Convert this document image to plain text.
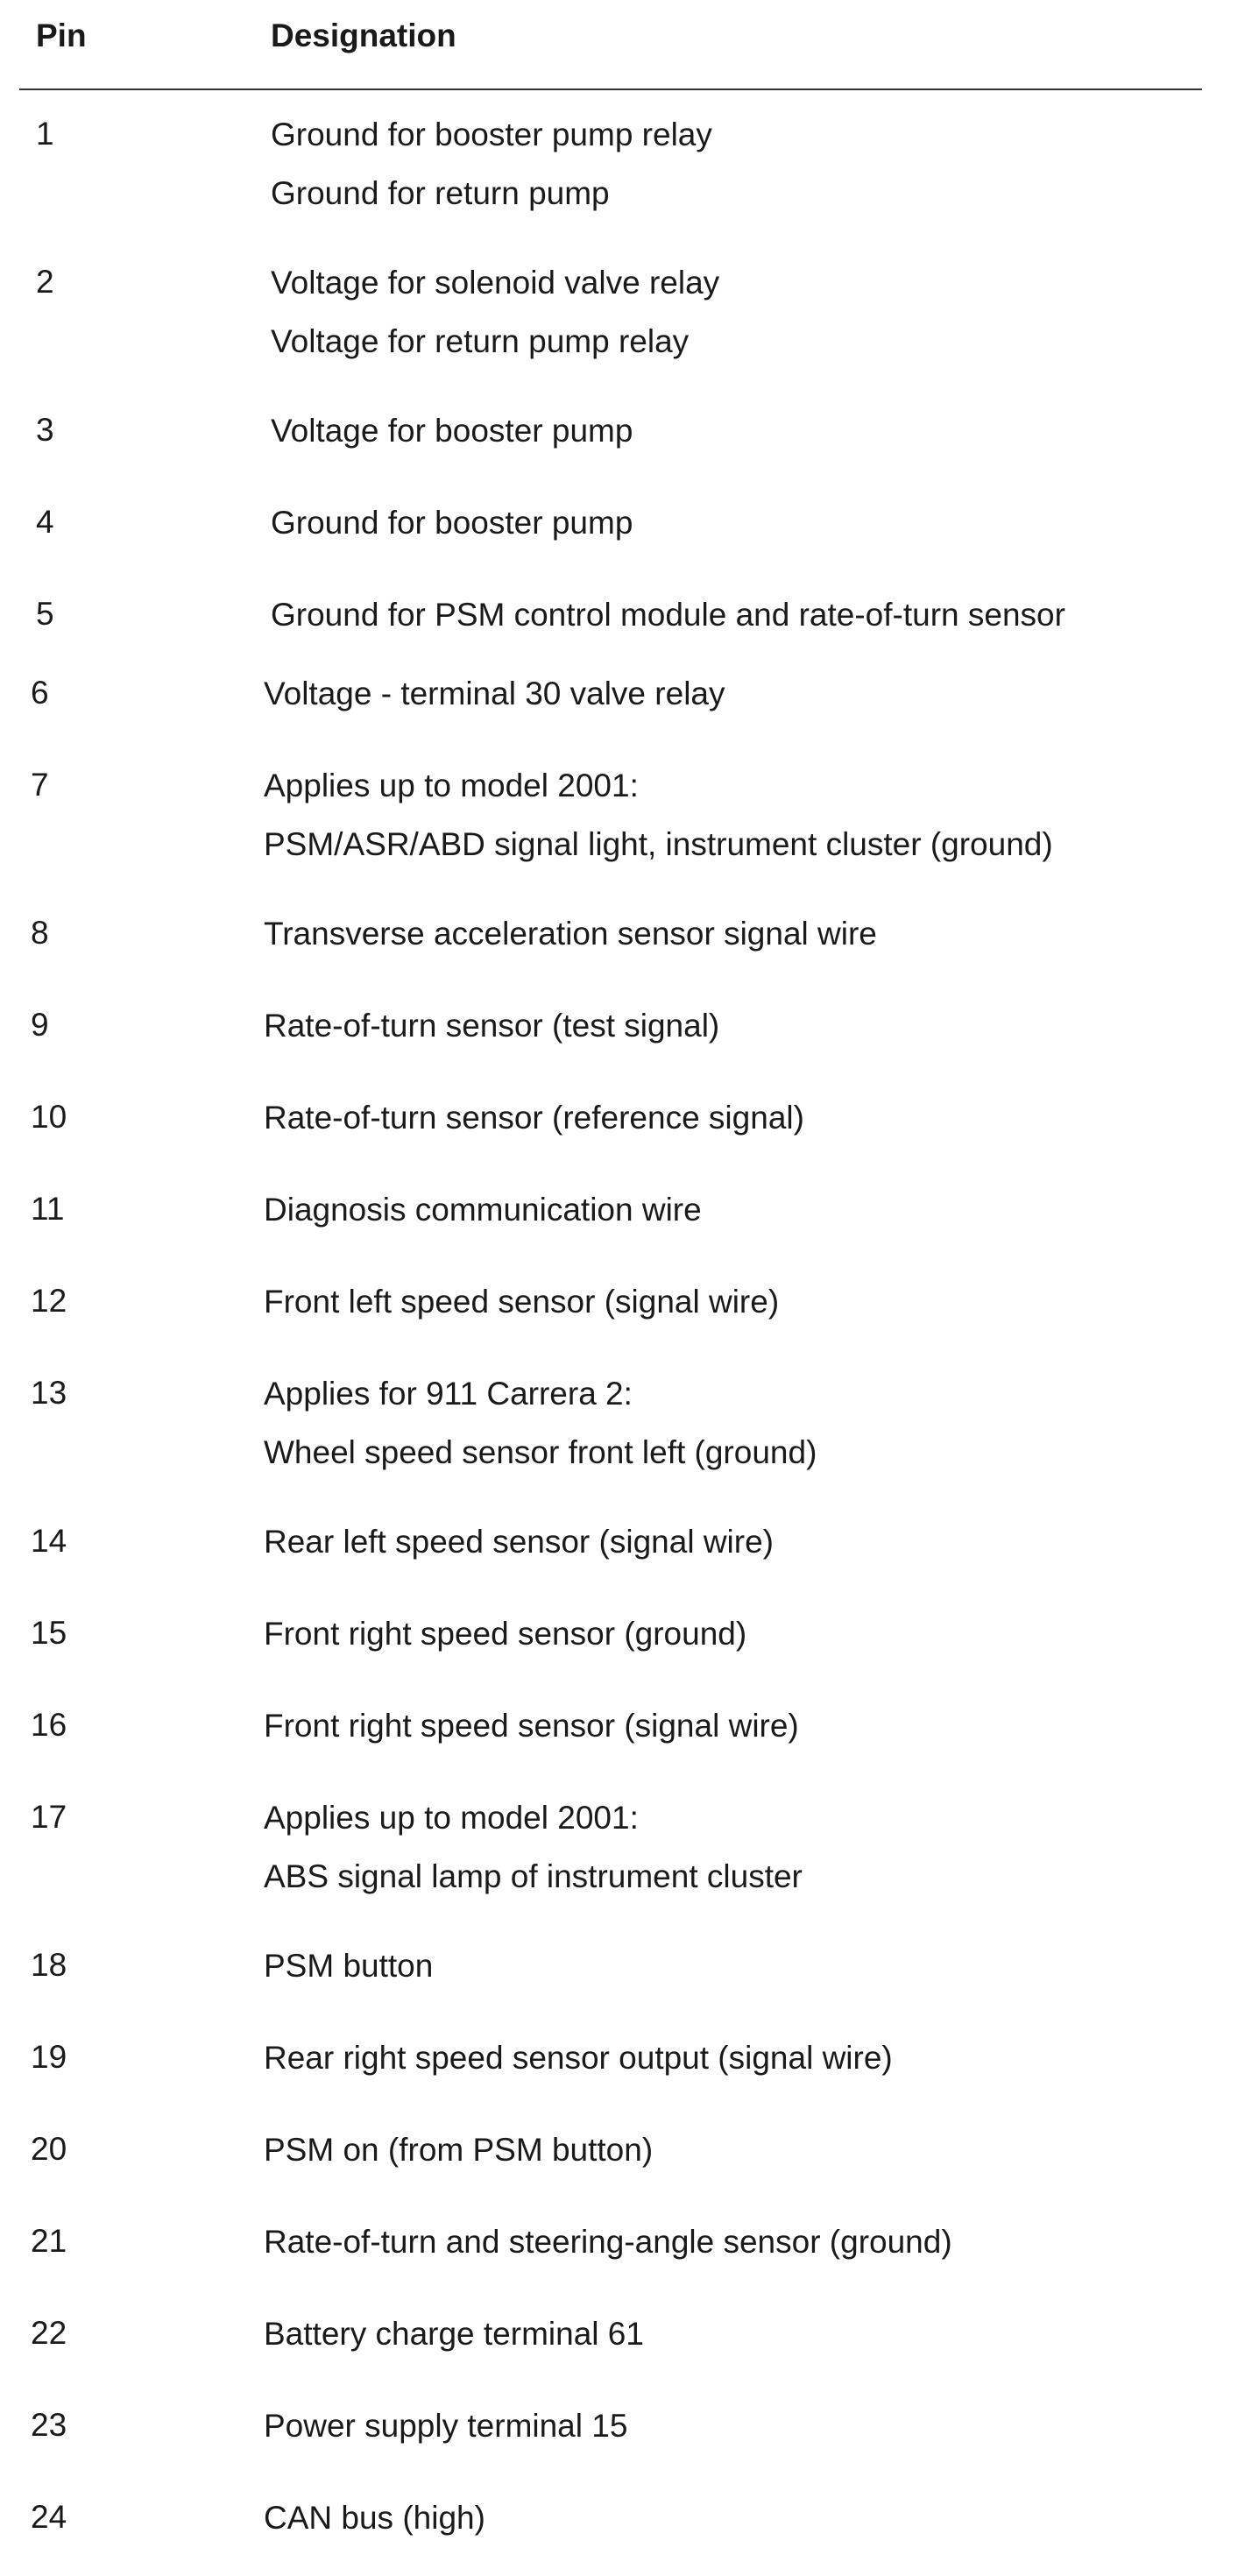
Pin	Designation
1	Ground for booster pump relay
Ground for return pump
2	Voltage for solenoid valve relay
Voltage for return pump relay
3	Voltage for booster pump
4	Ground for booster pump
5	Ground for PSM control module and rate-of-turn sensor
6	Voltage - terminal 30 valve relay
7	Applies up to model 2001:
PSM/ASR/ABD signal light, instrument cluster (ground)
8	Transverse acceleration sensor signal wire
9	Rate-of-turn sensor (test signal)
10	Rate-of-turn sensor (reference signal)
11	Diagnosis communication wire
12	Front left speed sensor (signal wire)
13	Applies for 911 Carrera 2:
Wheel speed sensor front left (ground)
14	Rear left speed sensor (signal wire)
15	Front right speed sensor (ground)
16	Front right speed sensor (signal wire)
17	Applies up to model 2001:
ABS signal lamp of instrument cluster
18	PSM button
19	Rear right speed sensor output (signal wire)
20	PSM on (from PSM button)
21	Rate-of-turn and steering-angle sensor (ground)
22	Battery charge terminal 61
23	Power supply terminal 15
24	CAN bus (high)
